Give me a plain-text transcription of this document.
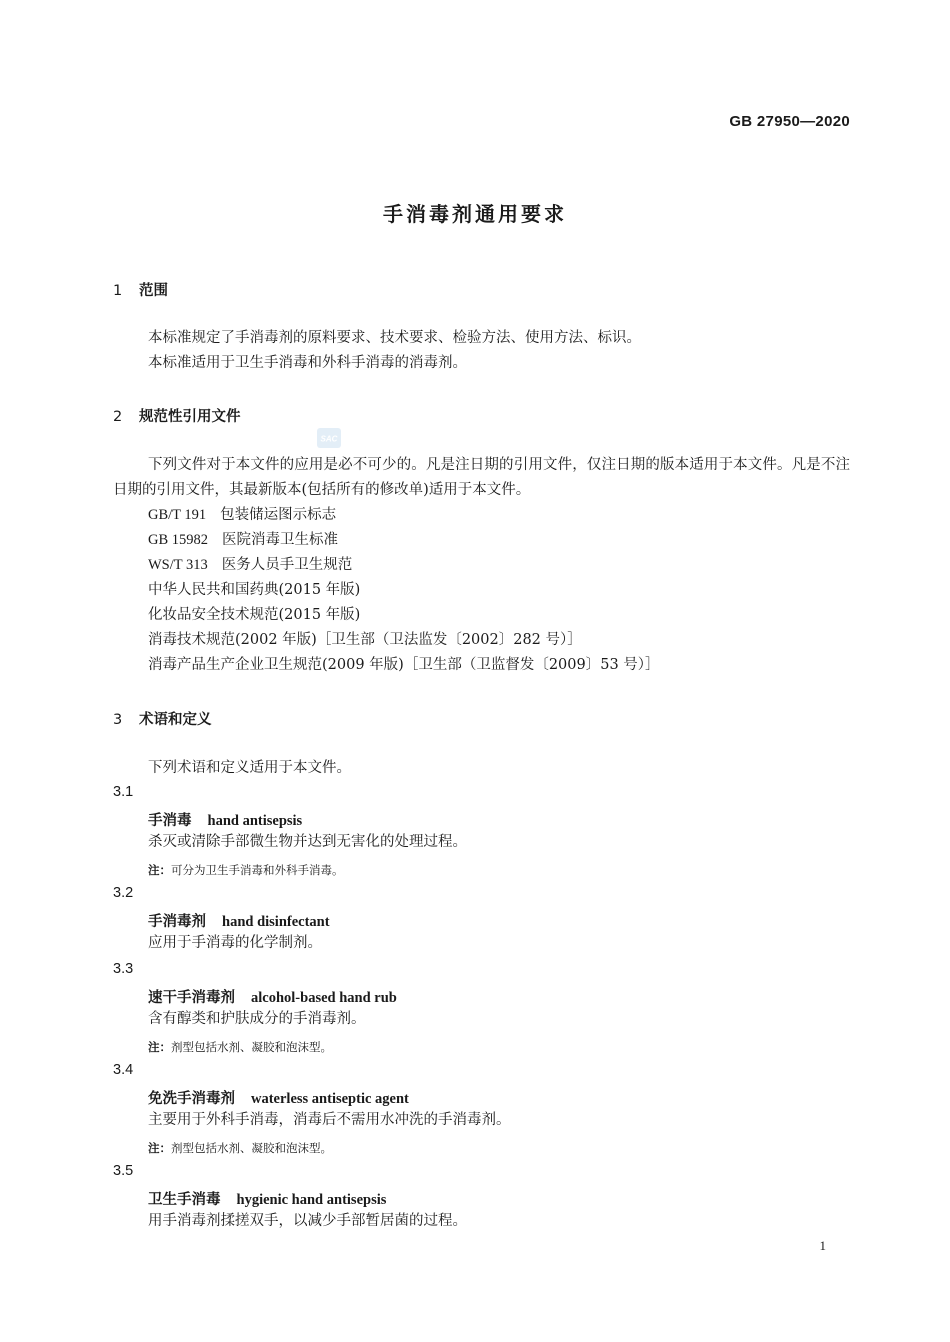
GB 27950—2020
手消毒剂通用要求
1 范围
本标准规定了手消毒剂的原料要求、技术要求、检验方法、使用方法、标识。
本标准适用于卫生手消毒和外科手消毒的消毒剂。
2 规范性引用文件
SAC
下列文件对于本文件的应用是必不可少的。凡是注日期的引用文件，仅注日期的版本适用于本文件。凡是不注日期的引用文件，其最新版本(包括所有的修改单)适用于本文件。
GB/T 191 包装储运图示标志
GB 15982 医院消毒卫生标准
WS/T 313 医务人员手卫生规范
中华人民共和国药典(2015 年版)
化妆品安全技术规范(2015 年版)
消毒技术规范(2002 年版)［卫生部（卫法监发〔2002〕282 号）］
消毒产品生产企业卫生规范(2009 年版)［卫生部（卫监督发〔2009〕53 号）］
3 术语和定义
下列术语和定义适用于本文件。
3.1
手消毒 hand antisepsis
杀灭或清除手部微生物并达到无害化的处理过程。
注：可分为卫生手消毒和外科手消毒。
3.2
手消毒剂 hand disinfectant
应用于手消毒的化学制剂。
3.3
速干手消毒剂 alcohol-based hand rub
含有醇类和护肤成分的手消毒剂。
注：剂型包括水剂、凝胶和泡沫型。
3.4
免洗手消毒剂 waterless antiseptic agent
主要用于外科手消毒，消毒后不需用水冲洗的手消毒剂。
注：剂型包括水剂、凝胶和泡沫型。
3.5
卫生手消毒 hygienic hand antisepsis
用手消毒剂揉搓双手，以减少手部暂居菌的过程。
1
